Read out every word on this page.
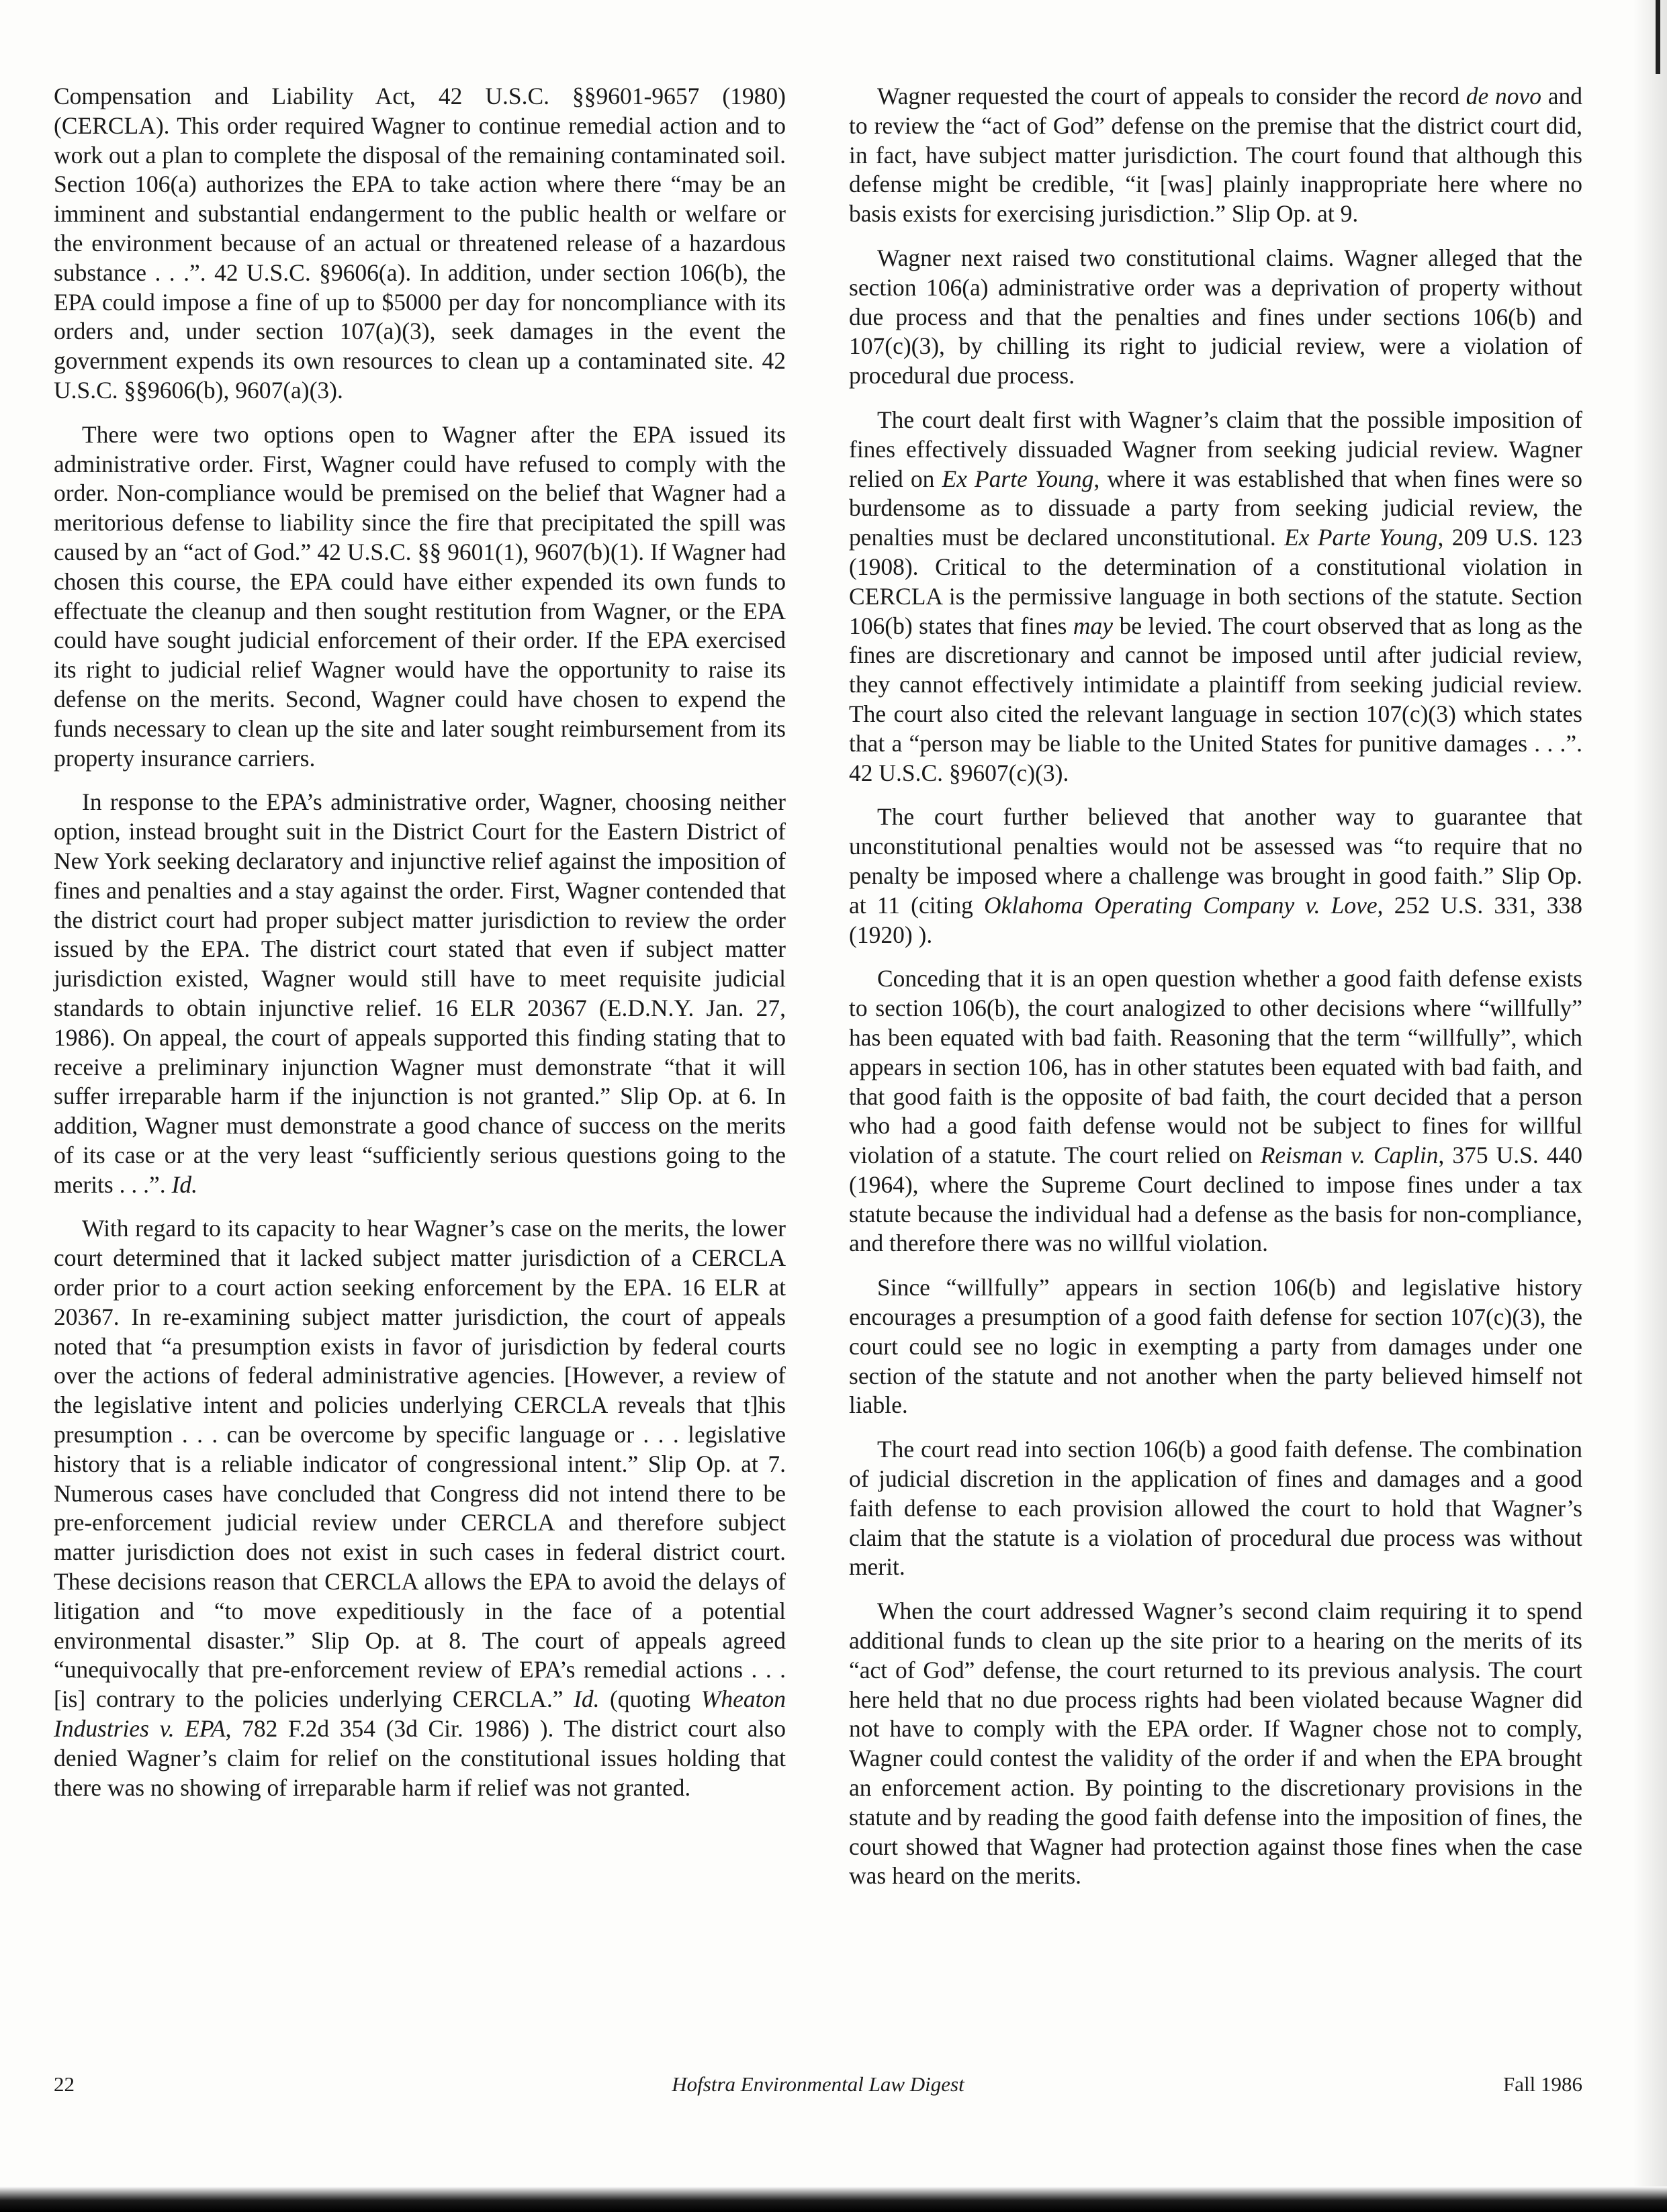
Compensation and Liability Act, 42 U.S.C. §§9601-9657 (1980) (CERCLA). This order required Wagner to continue remedial action and to work out a plan to complete the disposal of the remaining contaminated soil. Section 106(a) authorizes the EPA to take action where there “may be an imminent and substantial endangerment to the public health or welfare or the environment because of an actual or threatened release of a hazardous substance . . .”. 42 U.S.C. §9606(a). In addition, under section 106(b), the EPA could impose a fine of up to $5000 per day for noncompliance with its orders and, under section 107(a)(3), seek damages in the event the government expends its own resources to clean up a contaminated site. 42 U.S.C. §§9606(b), 9607(a)(3).

There were two options open to Wagner after the EPA issued its administrative order. First, Wagner could have refused to comply with the order. Non-compliance would be premised on the belief that Wagner had a meritorious defense to liability since the fire that precipitated the spill was caused by an “act of God.” 42 U.S.C. §§ 9601(1), 9607(b)(1). If Wagner had chosen this course, the EPA could have either expended its own funds to effectuate the cleanup and then sought restitution from Wagner, or the EPA could have sought judicial enforcement of their order. If the EPA exercised its right to judicial relief Wagner would have the opportunity to raise its defense on the merits. Second, Wagner could have chosen to expend the funds necessary to clean up the site and later sought reimbursement from its property insurance carriers.

In response to the EPA’s administrative order, Wagner, choosing neither option, instead brought suit in the District Court for the Eastern District of New York seeking declaratory and injunctive relief against the imposition of fines and penalties and a stay against the order. First, Wagner contended that the district court had proper subject matter jurisdiction to review the order issued by the EPA. The district court stated that even if subject matter jurisdiction existed, Wagner would still have to meet requisite judicial standards to obtain injunctive relief. 16 ELR 20367 (E.D.N.Y. Jan. 27, 1986). On appeal, the court of appeals supported this finding stating that to receive a preliminary injunction Wagner must demonstrate “that it will suffer irreparable harm if the injunction is not granted.” Slip Op. at 6. In addition, Wagner must demonstrate a good chance of success on the merits of its case or at the very least “sufficiently serious questions going to the merits . . .”. Id.

With regard to its capacity to hear Wagner’s case on the merits, the lower court determined that it lacked subject matter jurisdiction of a CERCLA order prior to a court action seeking enforcement by the EPA. 16 ELR at 20367. In re-examining subject matter jurisdiction, the court of appeals noted that “a presumption exists in favor of jurisdiction by federal courts over the actions of federal administrative agencies. [However, a review of the legislative intent and policies underlying CERCLA reveals that t]his presumption . . . can be overcome by specific language or . . . legislative history that is a reliable indicator of congressional intent.” Slip Op. at 7. Numerous cases have concluded that Congress did not intend there to be pre-enforcement judicial review under CERCLA and therefore subject matter jurisdiction does not exist in such cases in federal district court. These decisions reason that CERCLA allows the EPA to avoid the delays of litigation and “to move expeditiously in the face of a potential environmental disaster.” Slip Op. at 8. The court of appeals agreed “unequivocally that pre-enforcement review of EPA’s remedial actions . . . [is] contrary to the policies underlying CERCLA.” Id. (quoting Wheaton Industries v. EPA, 782 F.2d 354 (3d Cir. 1986) ). The district court also denied Wagner’s claim for relief on the constitutional issues holding that there was no showing of irreparable harm if relief was not granted.

Wagner requested the court of appeals to consider the record de novo and to review the “act of God” defense on the premise that the district court did, in fact, have subject matter jurisdiction. The court found that although this defense might be credible, “it [was] plainly inappropriate here where no basis exists for exercising jurisdiction.” Slip Op. at 9.

Wagner next raised two constitutional claims. Wagner alleged that the section 106(a) administrative order was a deprivation of property without due process and that the penalties and fines under sections 106(b) and 107(c)(3), by chilling its right to judicial review, were a violation of procedural due process.

The court dealt first with Wagner’s claim that the possible imposition of fines effectively dissuaded Wagner from seeking judicial review. Wagner relied on Ex Parte Young, where it was established that when fines were so burdensome as to dissuade a party from seeking judicial review, the penalties must be declared unconstitutional. Ex Parte Young, 209 U.S. 123 (1908). Critical to the determination of a constitutional violation in CERCLA is the permissive language in both sections of the statute. Section 106(b) states that fines may be levied. The court observed that as long as the fines are discretionary and cannot be imposed until after judicial review, they cannot effectively intimidate a plaintiff from seeking judicial review. The court also cited the relevant language in section 107(c)(3) which states that a “person may be liable to the United States for punitive damages . . .”. 42 U.S.C. §9607(c)(3).

The court further believed that another way to guarantee that unconstitutional penalties would not be assessed was “to require that no penalty be imposed where a challenge was brought in good faith.” Slip Op. at 11 (citing Oklahoma Operating Company v. Love, 252 U.S. 331, 338 (1920) ).

Conceding that it is an open question whether a good faith defense exists to section 106(b), the court analogized to other decisions where “willfully” has been equated with bad faith. Reasoning that the term “willfully”, which appears in section 106, has in other statutes been equated with bad faith, and that good faith is the opposite of bad faith, the court decided that a person who had a good faith defense would not be subject to fines for willful violation of a statute. The court relied on Reisman v. Caplin, 375 U.S. 440 (1964), where the Supreme Court declined to impose fines under a tax statute because the individual had a defense as the basis for non-compliance, and therefore there was no willful violation.

Since “willfully” appears in section 106(b) and legislative history encourages a presumption of a good faith defense for section 107(c)(3), the court could see no logic in exempting a party from damages under one section of the statute and not another when the party believed himself not liable.

The court read into section 106(b) a good faith defense. The combination of judicial discretion in the application of fines and damages and a good faith defense to each provision allowed the court to hold that Wagner’s claim that the statute is a violation of procedural due process was without merit.

When the court addressed Wagner’s second claim requiring it to spend additional funds to clean up the site prior to a hearing on the merits of its “act of God” defense, the court returned to its previous analysis. The court here held that no due process rights had been violated because Wagner did not have to comply with the EPA order. If Wagner chose not to comply, Wagner could contest the validity of the order if and when the EPA brought an enforcement action. By pointing to the discretionary provisions in the statute and by reading the good faith defense into the imposition of fines, the court showed that Wagner had protection against those fines when the case was heard on the merits.

22	Hofstra Environmental Law Digest	Fall 1986
